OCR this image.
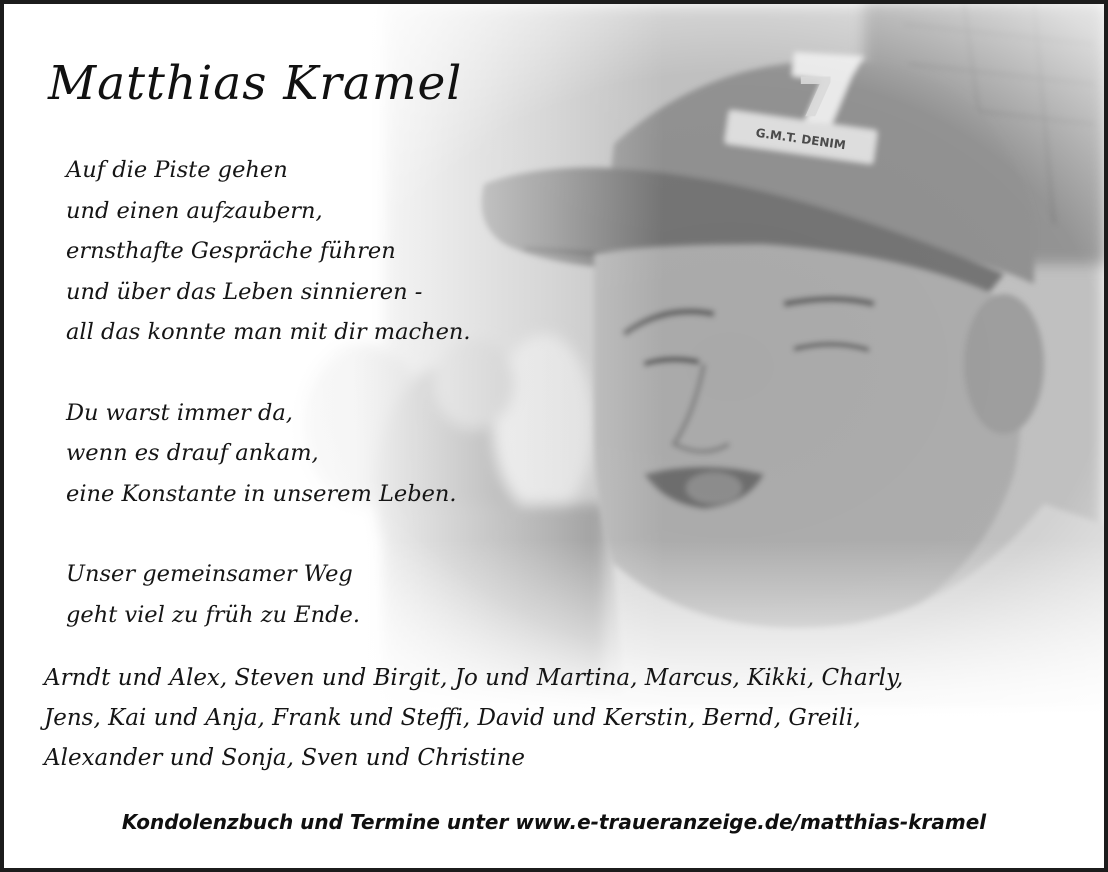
Matthias Kramel
Auf die Piste gehen
und einen aufzaubern,
ernsthafte Gespräche führen
und über das Leben sinnieren -
all das konnte man mit dir machen.
Du warst immer da,
wenn es drauf ankam,
eine Konstante in unserem Leben.
Unser gemeinsamer Weg
geht viel zu früh zu Ende.
Arndt und Alex, Steven und Birgit, Jo und Martina, Marcus, Kikki, Charly,
Jens, Kai und Anja, Frank und Steffi, David und Kerstin, Bernd, Greili,
Alexander und Sonja, Sven und Christine
Kondolenzbuch und Termine unter www.e-traueranzeige.de/matthias-kramel
